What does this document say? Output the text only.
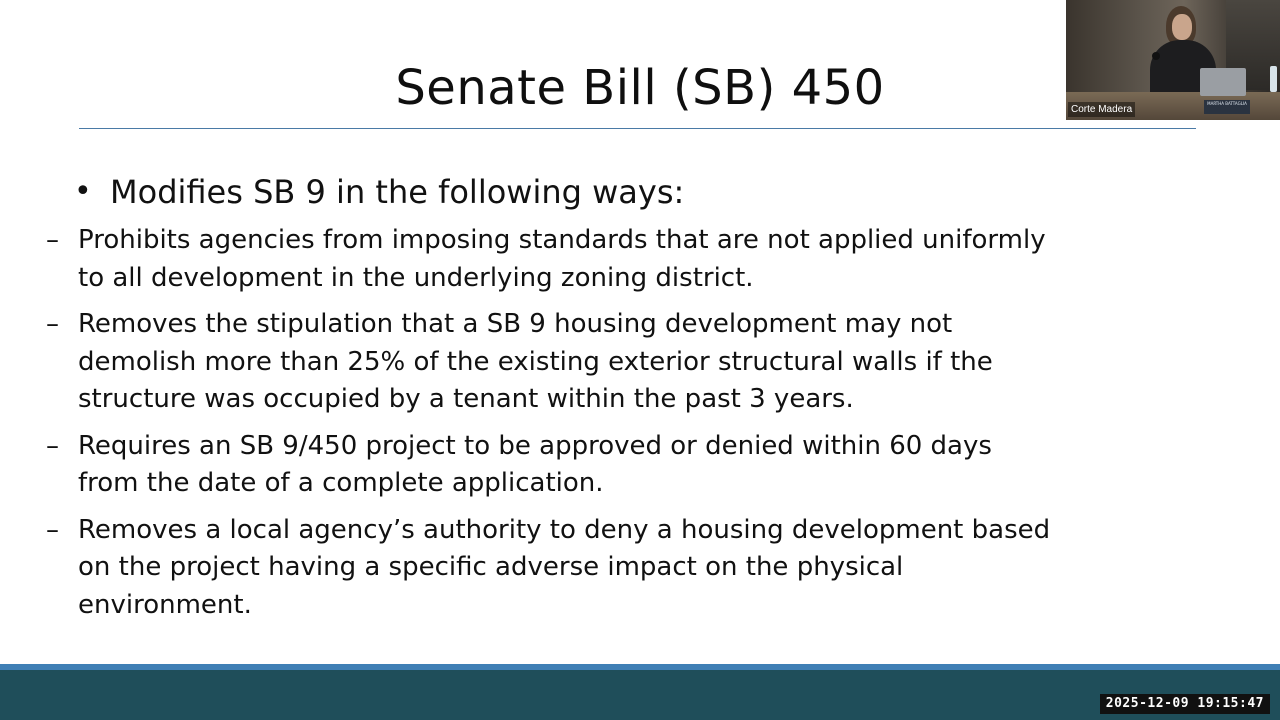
Senate Bill (SB) 450
• Modifies SB 9 in the following ways:
– Prohibits agencies from imposing standards that are not applied uniformly
to all development in the underlying zoning district.
– Removes the stipulation that a SB 9 housing development may not
demolish more than 25% of the existing exterior structural walls if the
structure was occupied by a tenant within the past 3 years.
– Requires an SB 9/450 project to be approved or denied within 60 days
from the date of a complete application.
– Removes a local agency’s authority to deny a housing development based
on the project having a specific adverse impact on the physical
environment.
MARTHA BATTAGLIA
Corte Madera
2025-12-09 19:15:47
